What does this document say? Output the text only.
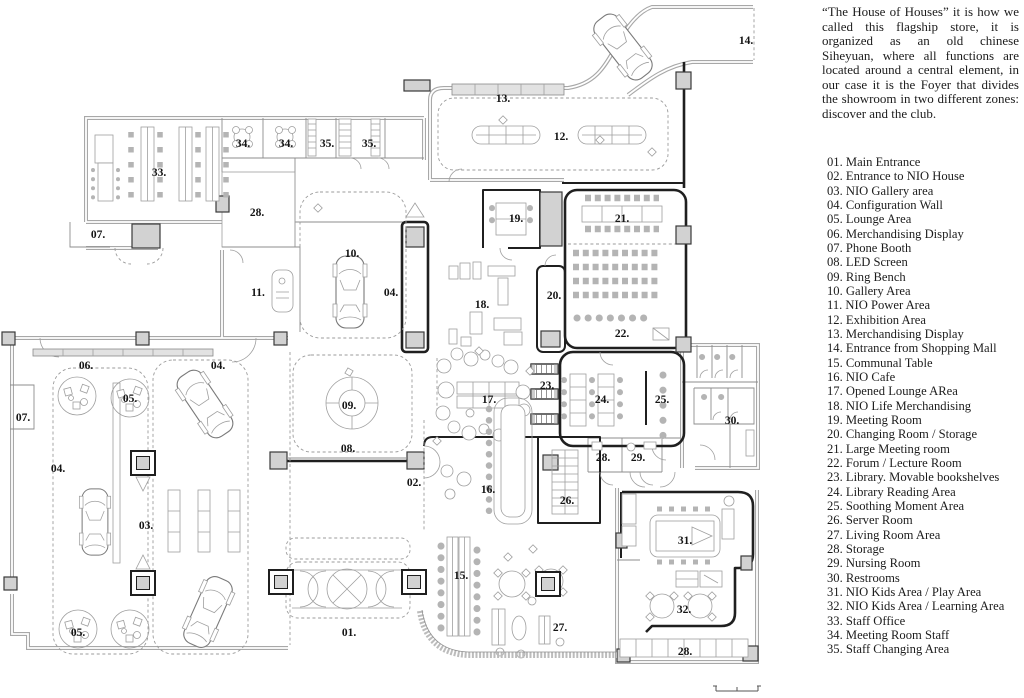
14.
13.
12.
34. 34. 35. 35.
33.
28.
07.
19.	21.
10.
11.	04.
18.
20.
22.
06.	04.
05.
09.
23.
17.	24.	25.
07.	30.
08.
04.
02.
28. 29.
16.
26.
03.
31.
15.
32.
27.
05.	01.
28.
“The House of Houses” it is how we called this flagship store, it is organized as an old chinese Siheyuan, where all functions are located around a central element, in our case it is the Foyer that divides the showroom in two different zones: discover and the club.
01. Main Entrance
02. Entrance to NIO House
03. NIO Gallery area
04. Configuration Wall
05. Lounge Area
06. Merchandising Display
07. Phone Booth
08. LED Screen
09. Ring Bench
10. Gallery Area
11. NIO Power Area
12. Exhibition Area
13. Merchandising Display
14. Entrance from Shopping Mall
15. Communal Table
16. NIO Cafe
17. Opened Lounge ARea
18. NIO Life Merchandising
19. Meeting Room
20. Changing Room / Storage
21. Large Meeting room
22. Forum / Lecture Room
23. Library. Movable bookshelves
24. Library Reading Area
25. Soothing Moment Area
26. Server Room
27. Living Room Area
28. Storage
29. Nursing Room
30. Restrooms
31. NIO Kids Area / Play Area
32. NIO Kids Area / Learning Area
33. Staff Office
34. Meeting Room Staff
35. Staff Changing Area
